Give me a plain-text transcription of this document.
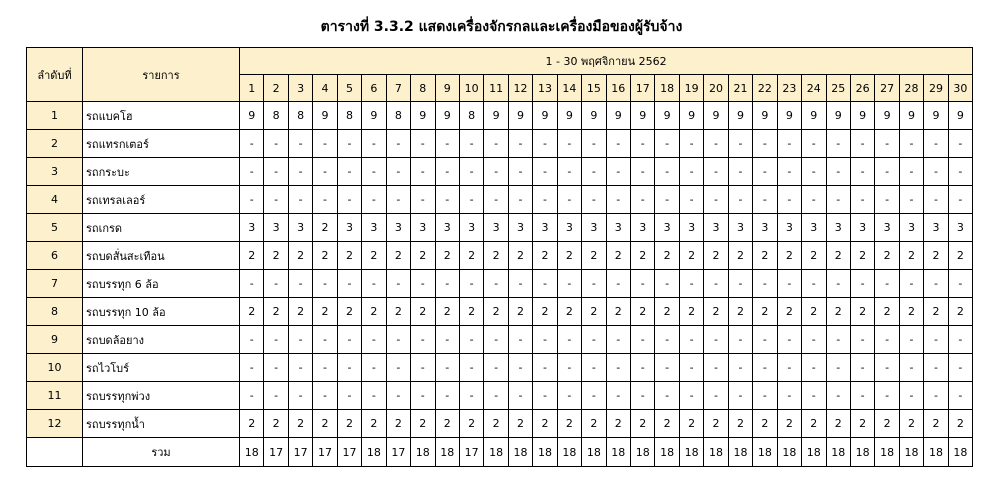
ตารางที่ 3.3.2 แสดงเครื่องจักรกลและเครื่องมือของผู้รับจ้าง
ลำดับที่	รายการ	1 - 30 พฤศจิกายน 2562																													
		1	2	3	4	5	6	7	8	9	10	11	12	13	14	15	16	17	18	19	20	21	22	23	24	25	26	27	28	29	30
1	รถแบคโฮ	9	8	8	9	8	9	8	9	9	8	9	9	9	9	9	9	9	9	9	9	9	9	9	9	9	9	9	9	9	9
2	รถแทรกเตอร์	-	-	-	-	-	-	-	-	-	-	-	-	-	-	-	-	-	-	-	-	-	-	-	-	-	-	-	-	-	-
3	รถกระบะ	-	-	-	-	-	-	-	-	-	-	-	-	-	-	-	-	-	-	-	-	-	-	-	-	-	-	-	-	-	-
4	รถเทรลเลอร์	-	-	-	-	-	-	-	-	-	-	-	-	-	-	-	-	-	-	-	-	-	-	-	-	-	-	-	-	-	-
5	รถเกรด	3	3	3	2	3	3	3	3	3	3	3	3	3	3	3	3	3	3	3	3	3	3	3	3	3	3	3	3	3	3
6	รถบดสั่นสะเทือน	2	2	2	2	2	2	2	2	2	2	2	2	2	2	2	2	2	2	2	2	2	2	2	2	2	2	2	2	2	2
7	รถบรรทุก 6 ล้อ	-	-	-	-	-	-	-	-	-	-	-	-	-	-	-	-	-	-	-	-	-	-	-	-	-	-	-	-	-	-
8	รถบรรทุก 10 ล้อ	2	2	2	2	2	2	2	2	2	2	2	2	2	2	2	2	2	2	2	2	2	2	2	2	2	2	2	2	2	2
9	รถบดล้อยาง	-	-	-	-	-	-	-	-	-	-	-	-	-	-	-	-	-	-	-	-	-	-	-	-	-	-	-	-	-	-
10	รถไวโบร์	-	-	-	-	-	-	-	-	-	-	-	-	-	-	-	-	-	-	-	-	-	-	-	-	-	-	-	-	-	-
11	รถบรรทุกพ่วง	-	-	-	-	-	-	-	-	-	-	-	-	-	-	-	-	-	-	-	-	-	-	-	-	-	-	-	-	-	-
12	รถบรรทุกน้ำ	2	2	2	2	2	2	2	2	2	2	2	2	2	2	2	2	2	2	2	2	2	2	2	2	2	2	2	2	2	2
	รวม	18	17	17	17	17	18	17	18	18	17	18	18	18	18	18	18	18	18	18	18	18	18	18	18	18	18	18	18	18	18
